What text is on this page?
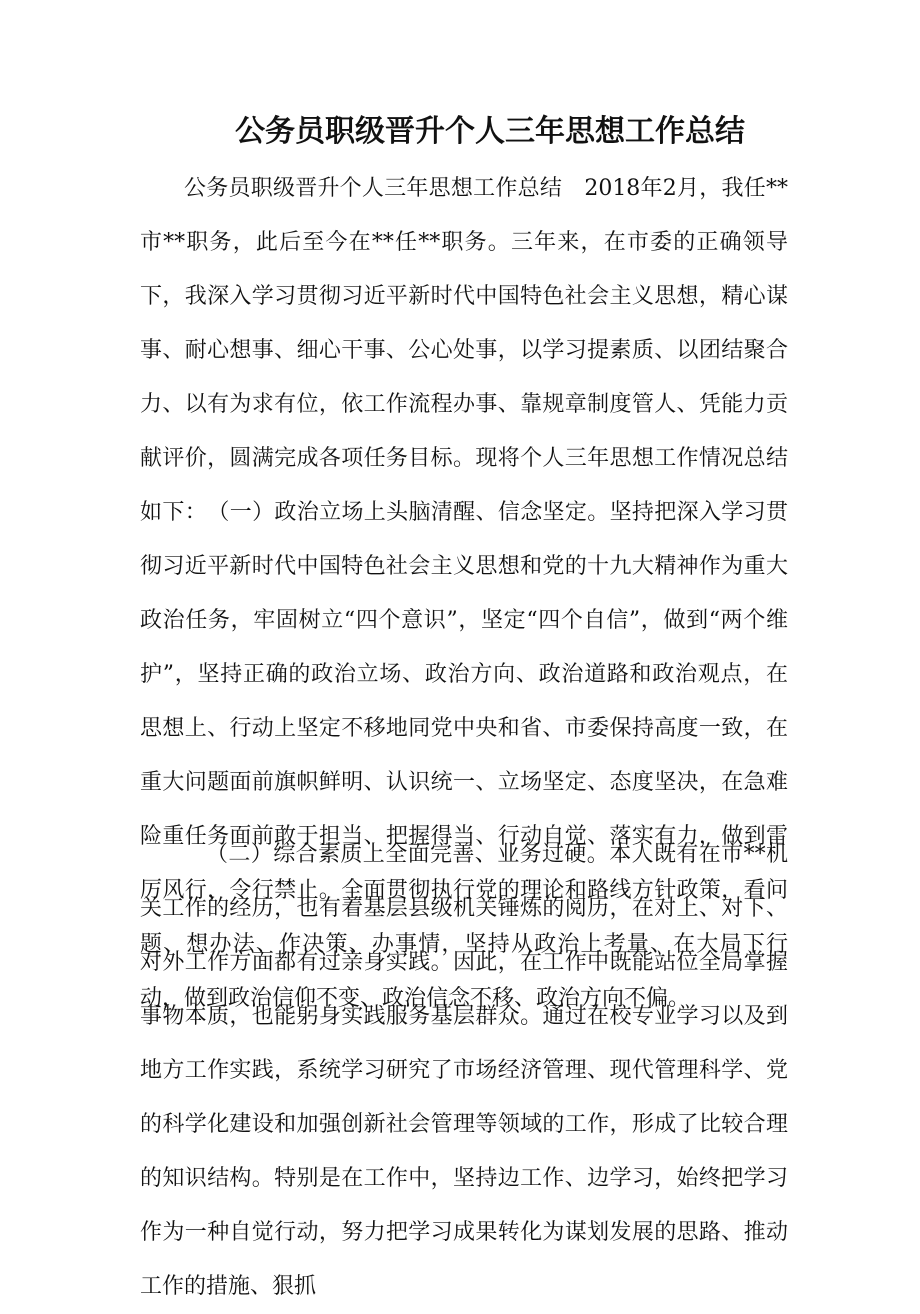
公务员职级晋升个人三年思想工作总结

公务员职级晋升个人三年思想工作总结　2018年2月，我任**市**职务，此后至今在**任**职务。三年来，在市委的正确领导下，我深入学习贯彻习近平新时代中国特色社会主义思想，精心谋事、耐心想事、细心干事、公心处事，以学习提素质、以团结聚合力、以有为求有位，依工作流程办事、靠规章制度管人、凭能力贡献评价，圆满完成各项任务目标。现将个人三年思想工作情况总结如下：　（一）政治立场上头脑清醒、信念坚定。坚持把深入学习贯彻习近平新时代中国特色社会主义思想和党的十九大精神作为重大政治任务，牢固树立“四个意识”，坚定“四个自信”，做到“两个维护”，坚持正确的政治立场、政治方向、政治道路和政治观点，在思想上、行动上坚定不移地同党中央和省、市委保持高度一致，在重大问题面前旗帜鲜明、认识统一、立场坚定、态度坚决，在急难险重任务面前敢于担当、把握得当、行动自觉、落实有力，做到雷厉风行，令行禁止。全面贯彻执行党的理论和路线方针政策，看问题、想办法、作决策、办事情，坚持从政治上考量、在大局下行动，做到政治信仰不变、政治信念不移、政治方向不偏。

（二）综合素质上全面完善、业务过硬。本人既有在市**机关工作的经历，也有着基层县级机关锤炼的阅历，在对上、对下、对外工作方面都有过亲身实践。因此，在工作中既能站位全局掌握事物本质，也能躬身实践服务基层群众。通过在校专业学习以及到地方工作实践，系统学习研究了市场经济管理、现代管理科学、党的科学化建设和加强创新社会管理等领域的工作，形成了比较合理的知识结构。特别是在工作中，坚持边工作、边学习，始终把学习作为一种自觉行动，努力把学习成果转化为谋划发展的思路、推动工作的措施、狠抓
